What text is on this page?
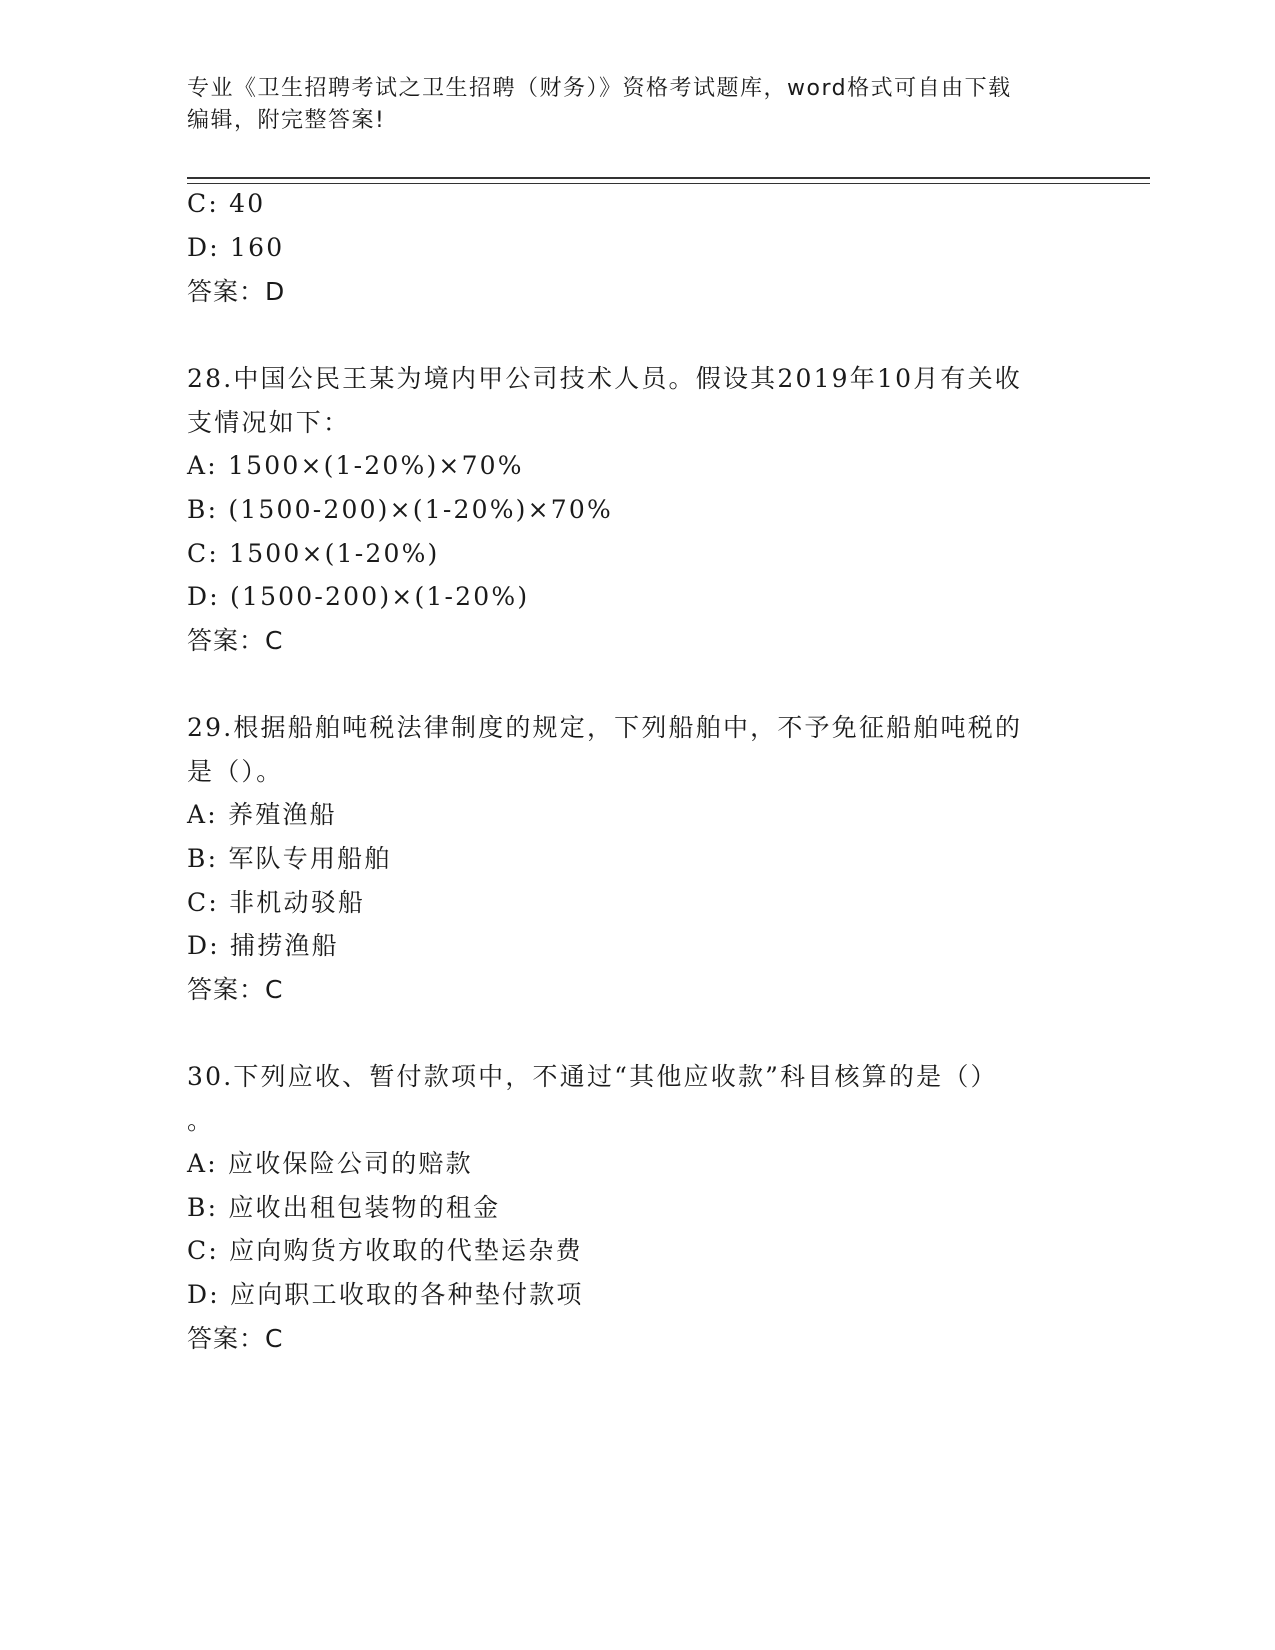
专业《卫生招聘考试之卫生招聘（财务）》资格考试题库，word格式可自由下载
编辑，附完整答案!
C: 40
D: 160
答案：D
28.中国公民王某为境内甲公司技术人员。假设其2019年10月有关收
支情况如下：
A: 1500×(1-20%)×70%
B: (1500-200)×(1-20%)×70%
C: 1500×(1-20%)
D: (1500-200)×(1-20%)
答案：C
29.根据船舶吨税法律制度的规定，下列船舶中，不予免征船舶吨税的
是（）。
A: 养殖渔船
B: 军队专用船舶
C: 非机动驳船
D: 捕捞渔船
答案：C
30.下列应收、暂付款项中，不通过“其他应收款”科目核算的是（）
。
A: 应收保险公司的赔款
B: 应收出租包装物的租金
C: 应向购货方收取的代垫运杂费
D: 应向职工收取的各种垫付款项
答案：C
